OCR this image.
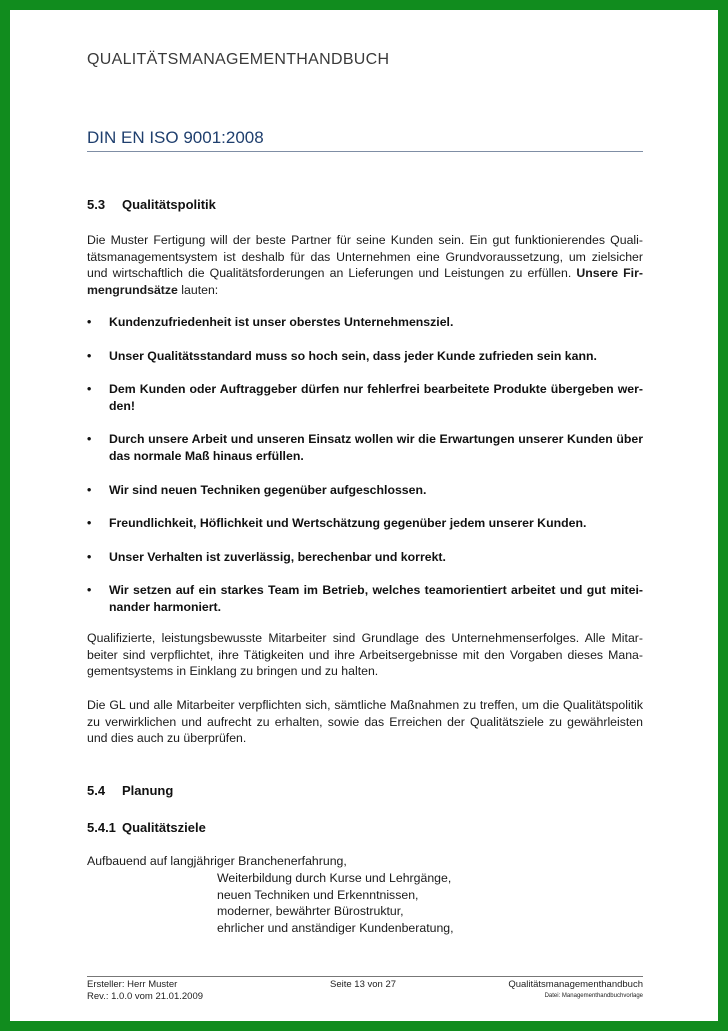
QUALITÄTSMANAGEMENTHANDBUCH
DIN EN ISO 9001:2008
5.3 Qualitätspolitik
Die Muster Fertigung will der beste Partner für seine Kunden sein. Ein gut funktionierendes Qualitätsmanagementsystem ist deshalb für das Unternehmen eine Grundvoraussetzung, um zielsicher und wirtschaftlich die Qualitätsforderungen an Lieferungen und Leistungen zu erfüllen. Unsere Firmengrundsätze lauten:
• Kundenzufriedenheit ist unser oberstes Unternehmensziel.
• Unser Qualitätsstandard muss so hoch sein, dass jeder Kunde zufrieden sein kann.
• Dem Kunden oder Auftraggeber dürfen nur fehlerfrei bearbeitete Produkte übergeben werden!
• Durch unsere Arbeit und unseren Einsatz wollen wir die Erwartungen unserer Kunden über das normale Maß hinaus erfüllen.
• Wir sind neuen Techniken gegenüber aufgeschlossen.
• Freundlichkeit, Höflichkeit und Wertschätzung gegenüber jedem unserer Kunden.
• Unser Verhalten ist zuverlässig, berechenbar und korrekt.
• Wir setzen auf ein starkes Team im Betrieb, welches teamorientiert arbeitet und gut miteinander harmoniert.
Qualifizierte, leistungsbewusste Mitarbeiter sind Grundlage des Unternehmenserfolges. Alle Mitarbeiter sind verpflichtet, ihre Tätigkeiten und ihre Arbeitsergebnisse mit den Vorgaben dieses Managementsystems in Einklang zu bringen und zu halten.
Die GL und alle Mitarbeiter verpflichten sich, sämtliche Maßnahmen zu treffen, um die Qualitätspolitik zu verwirklichen und aufrecht zu erhalten, sowie das Erreichen der Qualitätsziele zu gewährleisten und dies auch zu überprüfen.
5.4 Planung
5.4.1 Qualitätsziele
Aufbauend auf langjähriger Branchenerfahrung,
Weiterbildung durch Kurse und Lehrgänge,
neuen Techniken und Erkenntnissen,
moderner, bewährter Bürostruktur,
ehrlicher und anständiger Kundenberatung,
Ersteller: Herr Muster
Rev.: 1.0.0 vom 21.01.2009
Seite 13 von 27	Qualitätsmanagementhandbuch
Datei: Managementhandbuchvorlage
